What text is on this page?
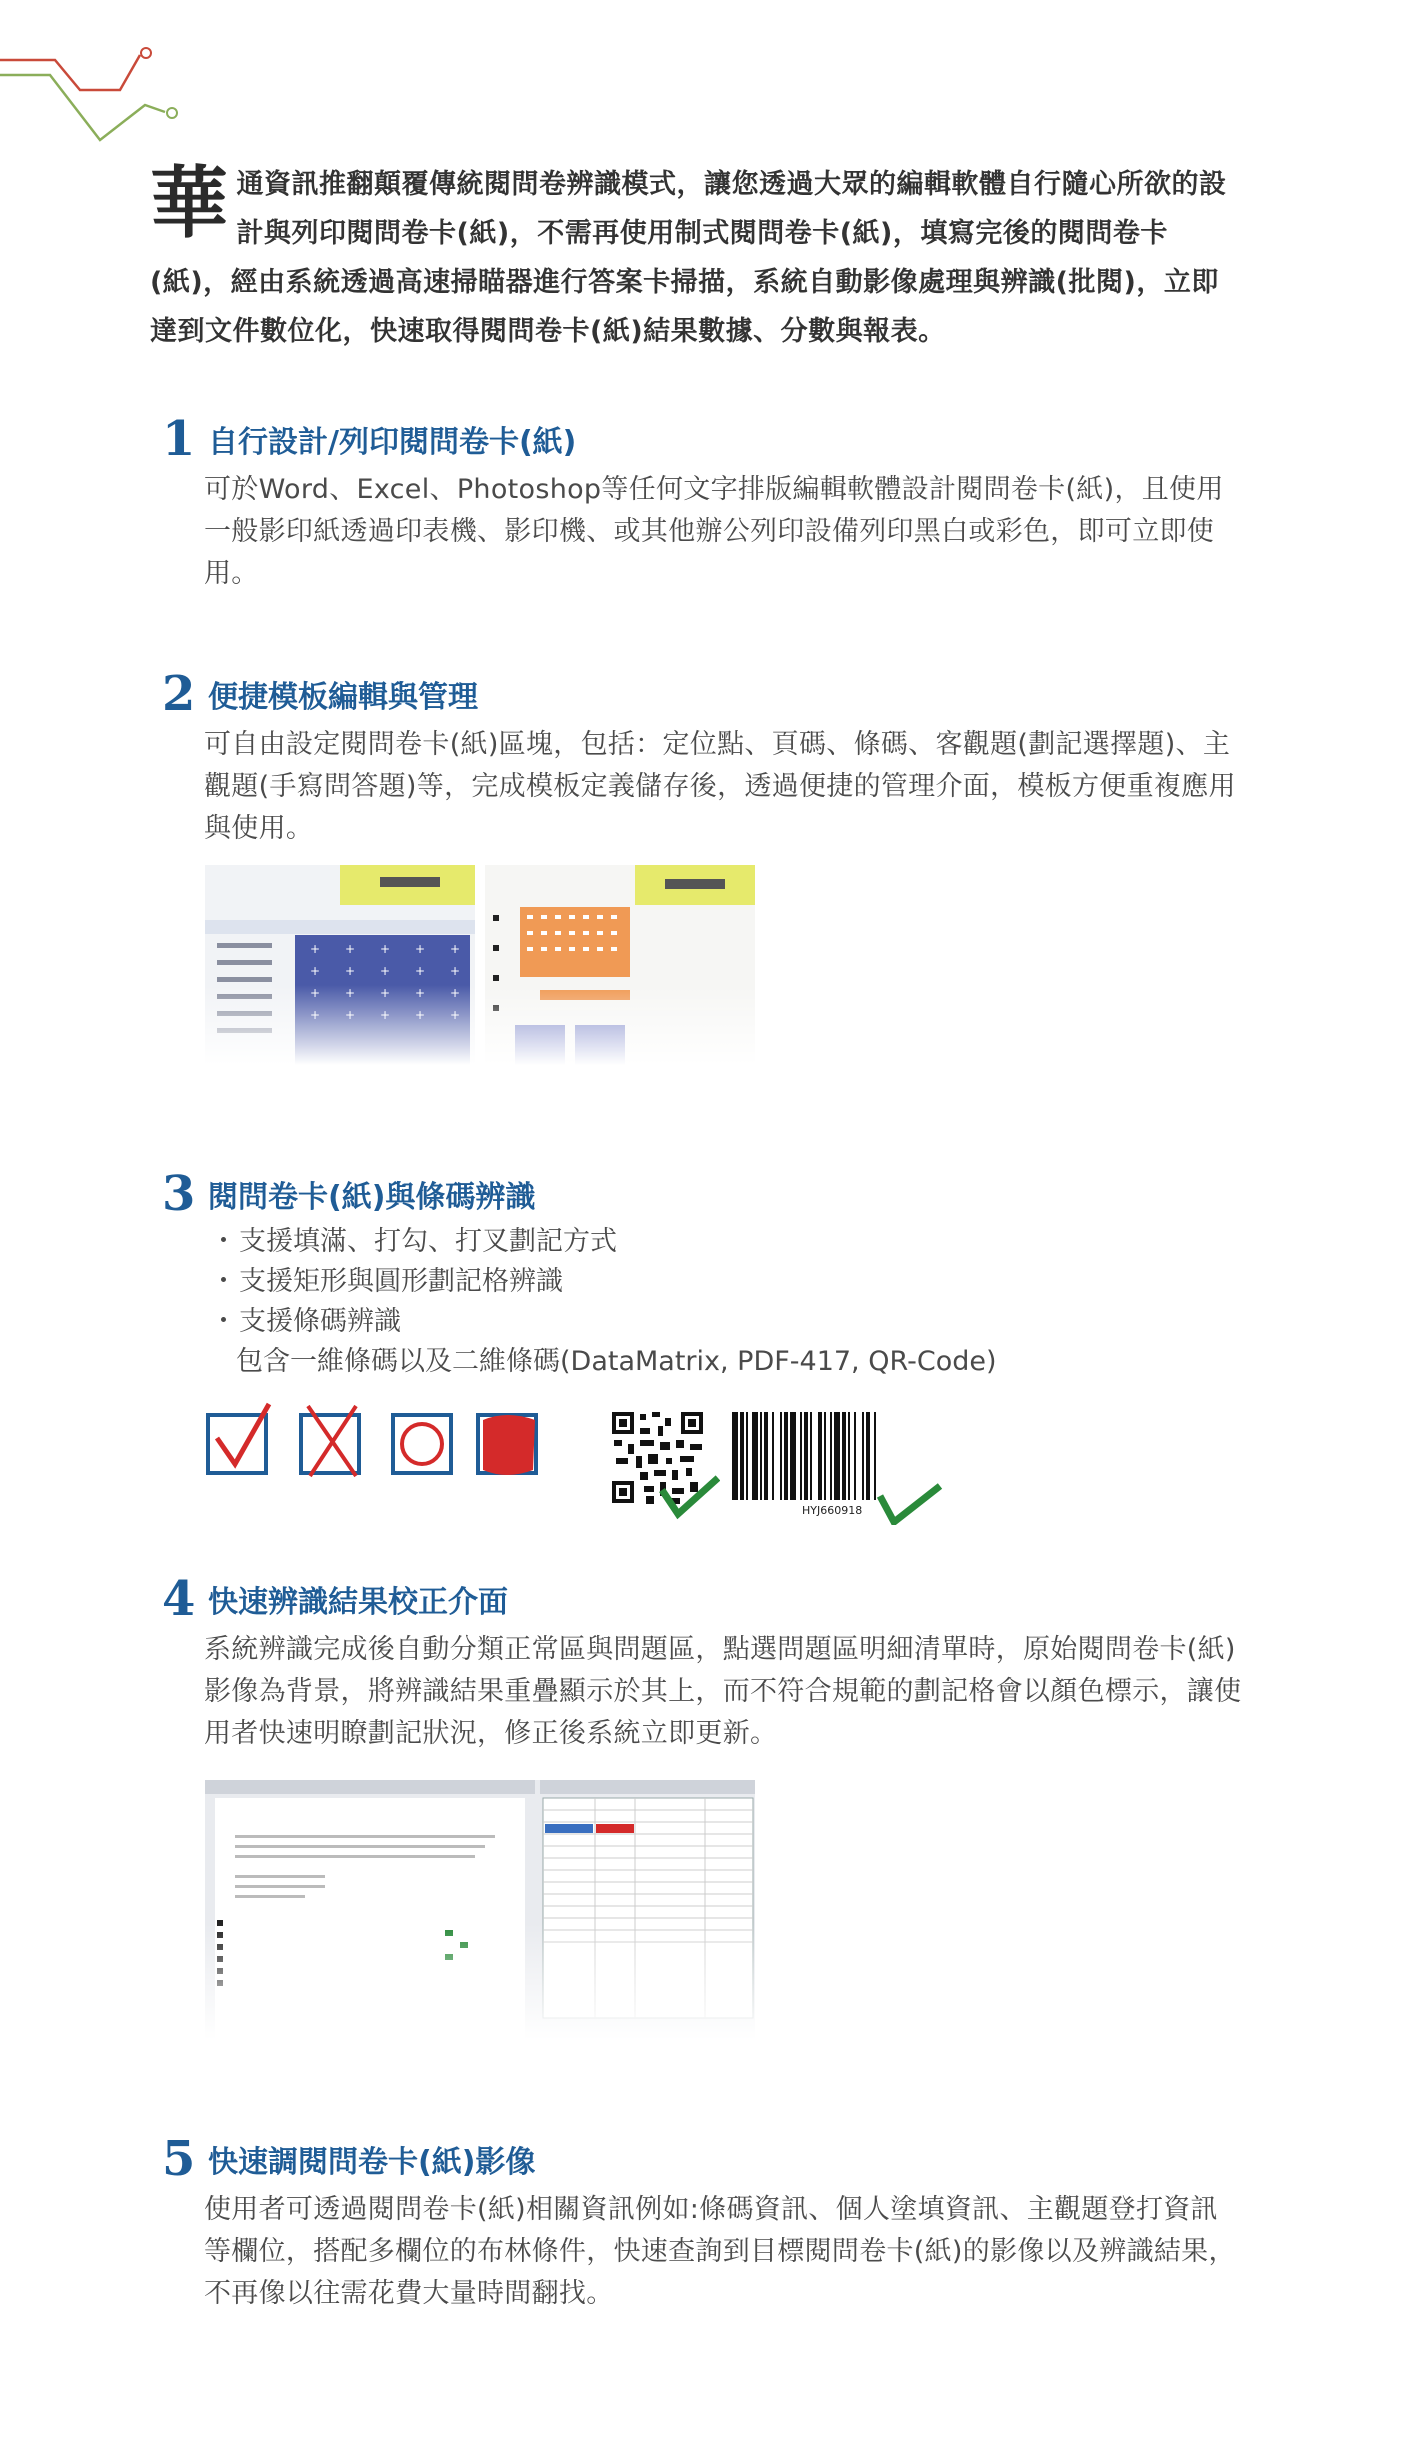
華通資訊推翻顛覆傳統閱問卷辨識模式，讓您透過大眾的編輯軟體自行隨心所欲的設計與列印閱問卷卡(紙)，不需再使用制式閱問卷卡(紙)，填寫完後的閱問卷卡(紙)，經由系統透過高速掃瞄器進行答案卡掃描，系統自動影像處理與辨識(批閱)，立即達到文件數位化，快速取得閱問卷卡(紙)結果數據、分數與報表。
1 自行設計/列印閱問卷卡(紙)
可於Word、Excel、Photoshop等任何文字排版編輯軟體設計閱問卷卡(紙)，且使用一般影印紙透過印表機、影印機、或其他辦公列印設備列印黑白或彩色，即可立即使用。
2 便捷模板編輯與管理
可自由設定閱問卷卡(紙)區塊，包括：定位點、頁碼、條碼、客觀題(劃記選擇題)、主觀題(手寫問答題)等，完成模板定義儲存後，透過便捷的管理介面，模板方便重複應用與使用。
3 閱問卷卡(紙)與條碼辨識
・ 支援填滿、打勾、打叉劃記方式
・ 支援矩形與圓形劃記格辨識
・ 支援條碼辨識
包含一維條碼以及二維條碼(DataMatrix, PDF-417, QR-Code)
HYJ660918
4 快速辨識結果校正介面
系統辨識完成後自動分類正常區與問題區，點選問題區明細清單時，原始閱問卷卡(紙)影像為背景，將辨識結果重疊顯示於其上，而不符合規範的劃記格會以顏色標示，讓使用者快速明瞭劃記狀況，修正後系統立即更新。
5 快速調閱問卷卡(紙)影像
使用者可透過閱問卷卡(紙)相關資訊例如:條碼資訊、個人塗填資訊、主觀題登打資訊等欄位，搭配多欄位的布林條件，快速查詢到目標閱問卷卡(紙)的影像以及辨識結果，不再像以往需花費大量時間翻找。
